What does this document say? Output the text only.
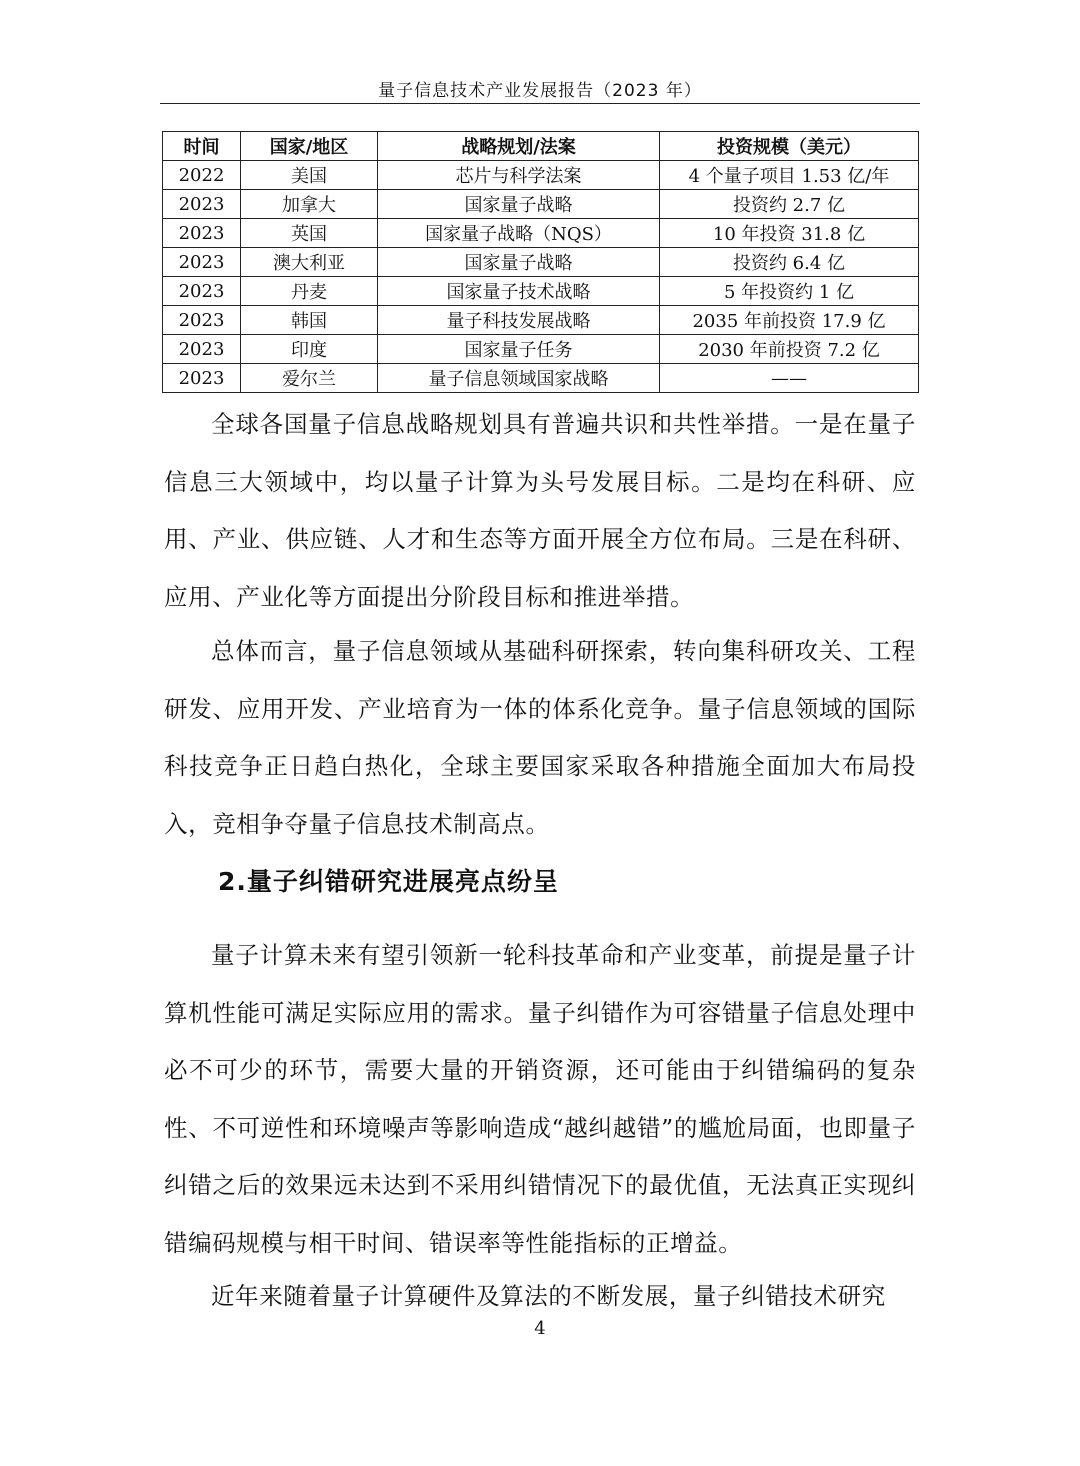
量子信息技术产业发展报告（2023 年）
时间	国家/地区	战略规划/法案	投资规模（美元）
2022	美国	芯片与科学法案	4 个量子项目 1.53 亿/年
2023	加拿大	国家量子战略	投资约 2.7 亿
2023	英国	国家量子战略（NQS）	10 年投资 31.8 亿
2023	澳大利亚	国家量子战略	投资约 6.4 亿
2023	丹麦	国家量子技术战略	5 年投资约 1 亿
2023	韩国	量子科技发展战略	2035 年前投资 17.9 亿
2023	印度	国家量子任务	2030 年前投资 7.2 亿
2023	爱尔兰	量子信息领域国家战略	——

全球各国量子信息战略规划具有普遍共识和共性举措。一是在量子信息三大领域中，均以量子计算为头号发展目标。二是均在科研、应用、产业、供应链、人才和生态等方面开展全方位布局。三是在科研、应用、产业化等方面提出分阶段目标和推进举措。

总体而言，量子信息领域从基础科研探索，转向集科研攻关、工程研发、应用开发、产业培育为一体的体系化竞争。量子信息领域的国际科技竞争正日趋白热化，全球主要国家采取各种措施全面加大布局投入，竞相争夺量子信息技术制高点。

2.量子纠错研究进展亮点纷呈

量子计算未来有望引领新一轮科技革命和产业变革，前提是量子计算机性能可满足实际应用的需求。量子纠错作为可容错量子信息处理中必不可少的环节，需要大量的开销资源，还可能由于纠错编码的复杂性、不可逆性和环境噪声等影响造成“越纠越错”的尴尬局面，也即量子纠错之后的效果远未达到不采用纠错情况下的最优值，无法真正实现纠错编码规模与相干时间、错误率等性能指标的正增益。

近年来随着量子计算硬件及算法的不断发展，量子纠错技术研究

4
